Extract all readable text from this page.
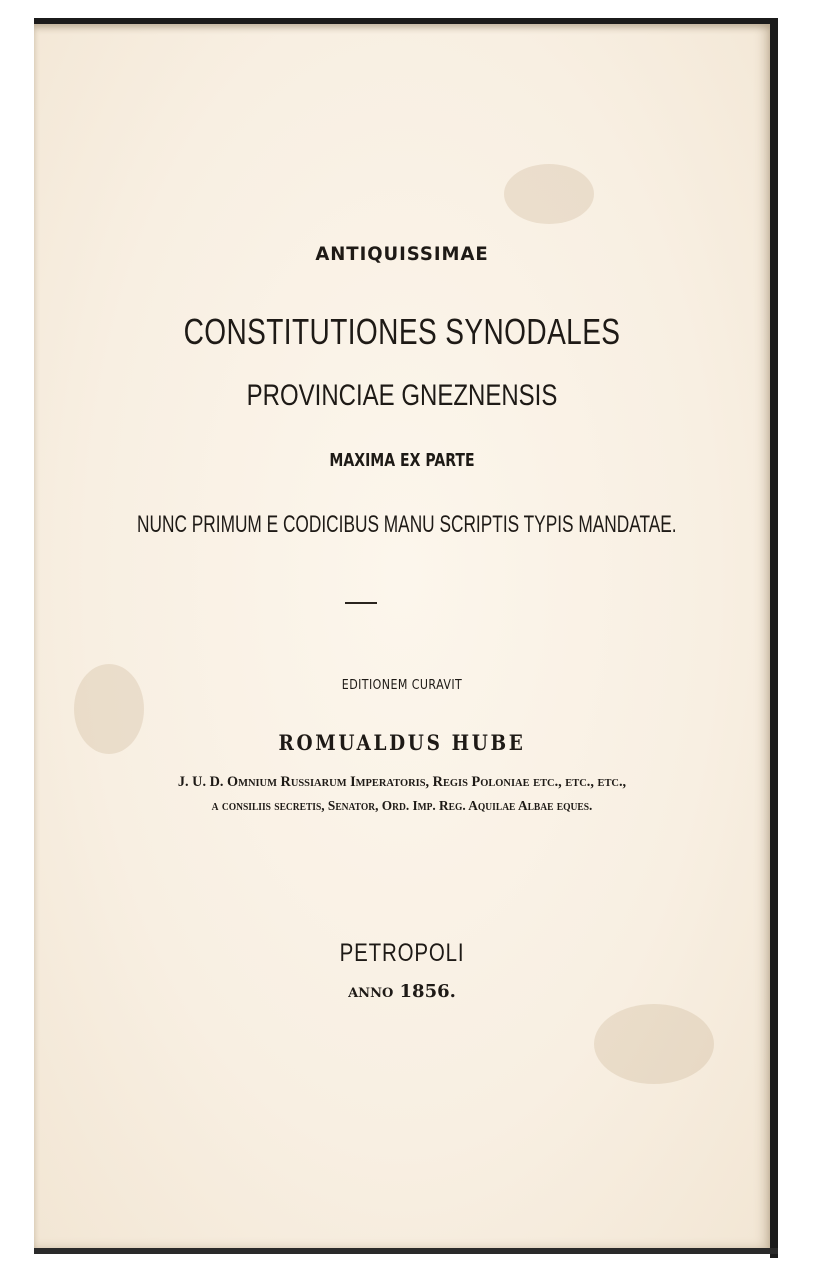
ANTIQUISSIMAE
CONSTITUTIONES SYNODALES
PROVINCIAE GNEZNENSIS
MAXIMA EX PARTE
NUNC PRIMUM E CODICIBUS MANU SCRIPTIS TYPIS MANDATAE.
EDITIONEM CURAVIT
ROMUALDUS HUBE
J. U. D. Omnium Russiarum Imperatoris, Regis Poloniae etc., etc., etc.,
a consiliis secretis, Senator, Ord. Imp. Reg. Aquilae Albae eques.
PETROPOLI
anno 1856.
